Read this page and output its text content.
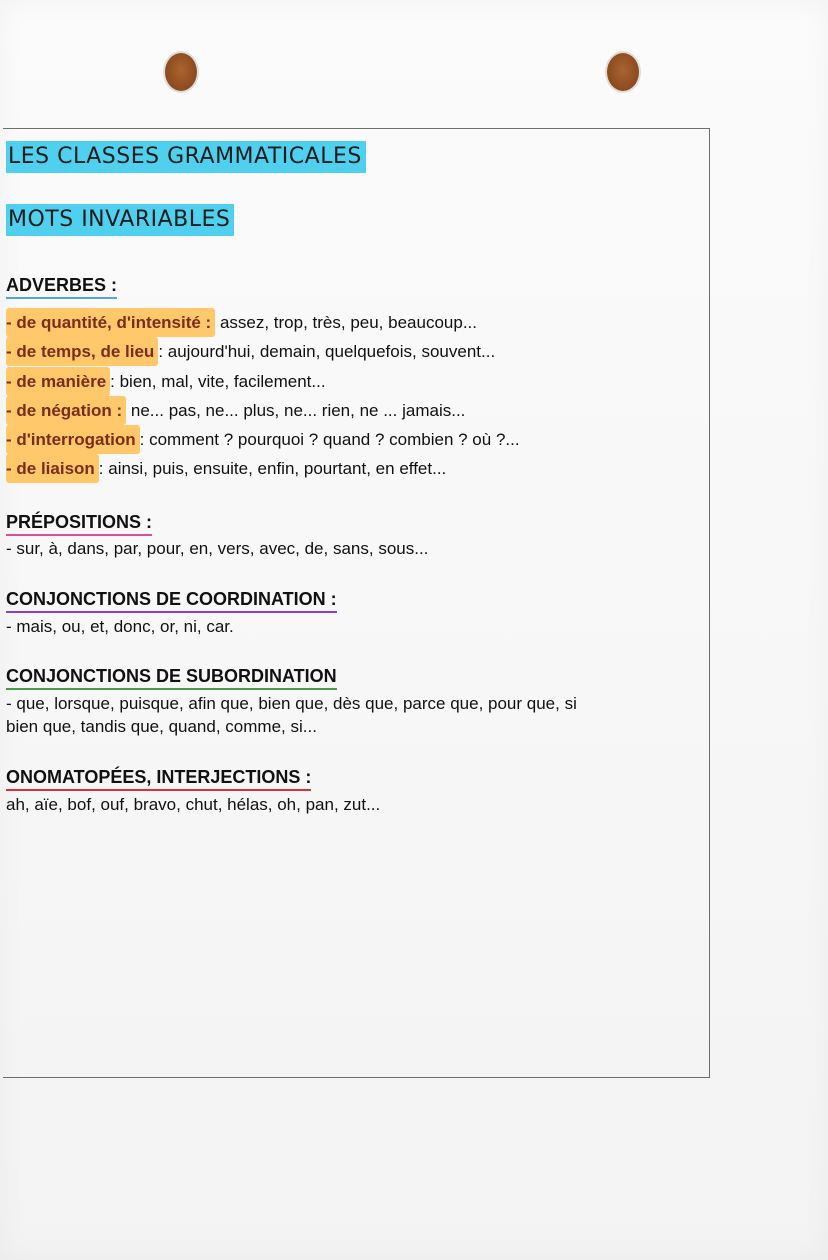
LES CLASSES GRAMMATICALES
MOTS INVARIABLES
ADVERBES :
- de quantité, d'intensité : assez, trop, très, peu, beaucoup...
- de temps, de lieu: aujourd'hui, demain, quelquefois, souvent...
- de manière: bien, mal, vite, facilement...
- de négation : ne... pas, ne... plus, ne... rien, ne ... jamais...
- d'interrogation: comment ? pourquoi ? quand ? combien ? où ?...
- de liaison: ainsi, puis, ensuite, enfin, pourtant, en effet...
PRÉPOSITIONS :
- sur, à, dans, par, pour, en, vers, avec, de, sans, sous...
CONJONCTIONS DE COORDINATION :
- mais, ou, et, donc, or, ni, car.
CONJONCTIONS DE SUBORDINATION
- que, lorsque, puisque, afin que, bien que, dès que, parce que, pour que, si
bien que, tandis que, quand, comme, si...
ONOMATOPÉES, INTERJECTIONS :
ah, aïe, bof, ouf, bravo, chut, hélas, oh, pan, zut...
